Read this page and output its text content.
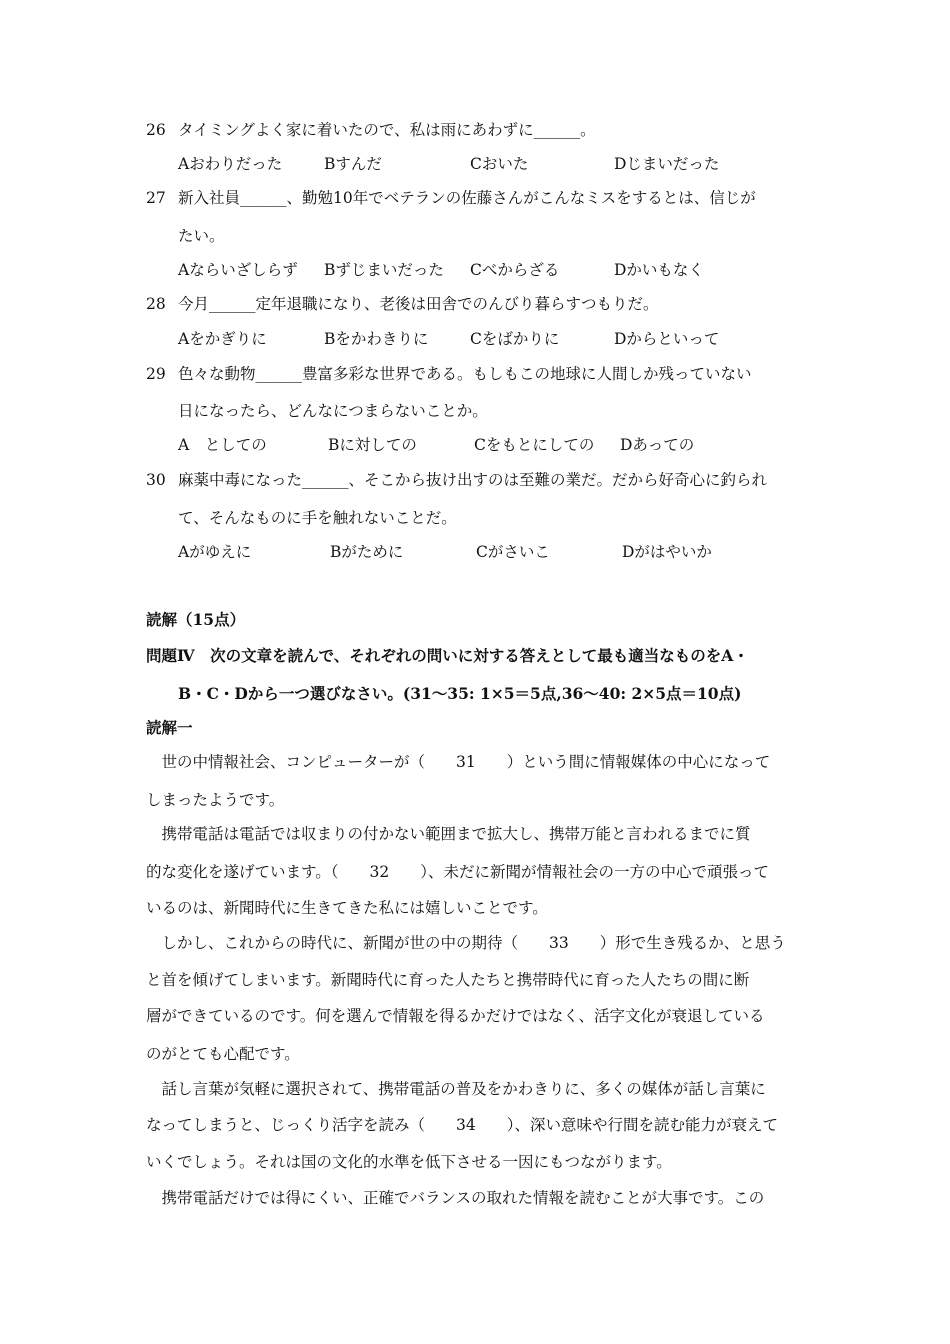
26 タイミングよく家に着いたので、私は雨にあわずに______。
Aおわりだった	Bすんだ	Cおいた	Dじまいだった
27 新入社員______、勤勉10年でベテランの佐藤さんがこんなミスをするとは、信じが
たい。
Aならいざしらず Bずじまいだった Cべからざる	Dかいもなく
28 今月______定年退職になり、老後は田舎でのんびり暮らすつもりだ。
Aをかぎりに	Bをかわきりに	Cをばかりに	Dからといって
29 色々な動物______豊富多彩な世界である。もしもこの地球に人間しか残っていない
日になったら、どんなにつまらないことか。
A　としての	Bに対しての	Cをもとにしての Dあっての
30 麻薬中毒になった______、そこから抜け出すのは至難の業だ。だから好奇心に釣られ
て、そんなものに手を触れないことだ。
Aがゆえに	Bがために	Cがさいこ	Dがはやいか
読解（15点）
問題Ⅳ　次の文章を読んで、それぞれの問いに対する答えとして最も適当なものをA・
B・C・Dから一つ選びなさい。(31～35: 1×5＝5点,36～40: 2×5点＝10点)
読解一
　世の中情報社会、コンピューターが（　　31　　）という間に情報媒体の中心になって
しまったようです。
　携帯電話は電話では収まりの付かない範囲まで拡大し、携帯万能と言われるまでに質
的な変化を遂げています。（　　32　　）、未だに新聞が情報社会の一方の中心で頑張って
いるのは、新聞時代に生きてきた私には嬉しいことです。
　しかし、これからの時代に、新聞が世の中の期待（　　33　　）形で生き残るか、と思う
と首を傾げてしまいます。新聞時代に育った人たちと携帯時代に育った人たちの間に断
層ができているのです。何を選んで情報を得るかだけではなく、活字文化が衰退している
のがとても心配です。
　話し言葉が気軽に選択されて、携帯電話の普及をかわきりに、多くの媒体が話し言葉に
なってしまうと、じっくり活字を読み（　　34　　）、深い意味や行間を読む能力が衰えて
いくでしょう。それは国の文化的水準を低下させる一因にもつながります。
　携帯電話だけでは得にくい、正確でバランスの取れた情報を読むことが大事です。この
